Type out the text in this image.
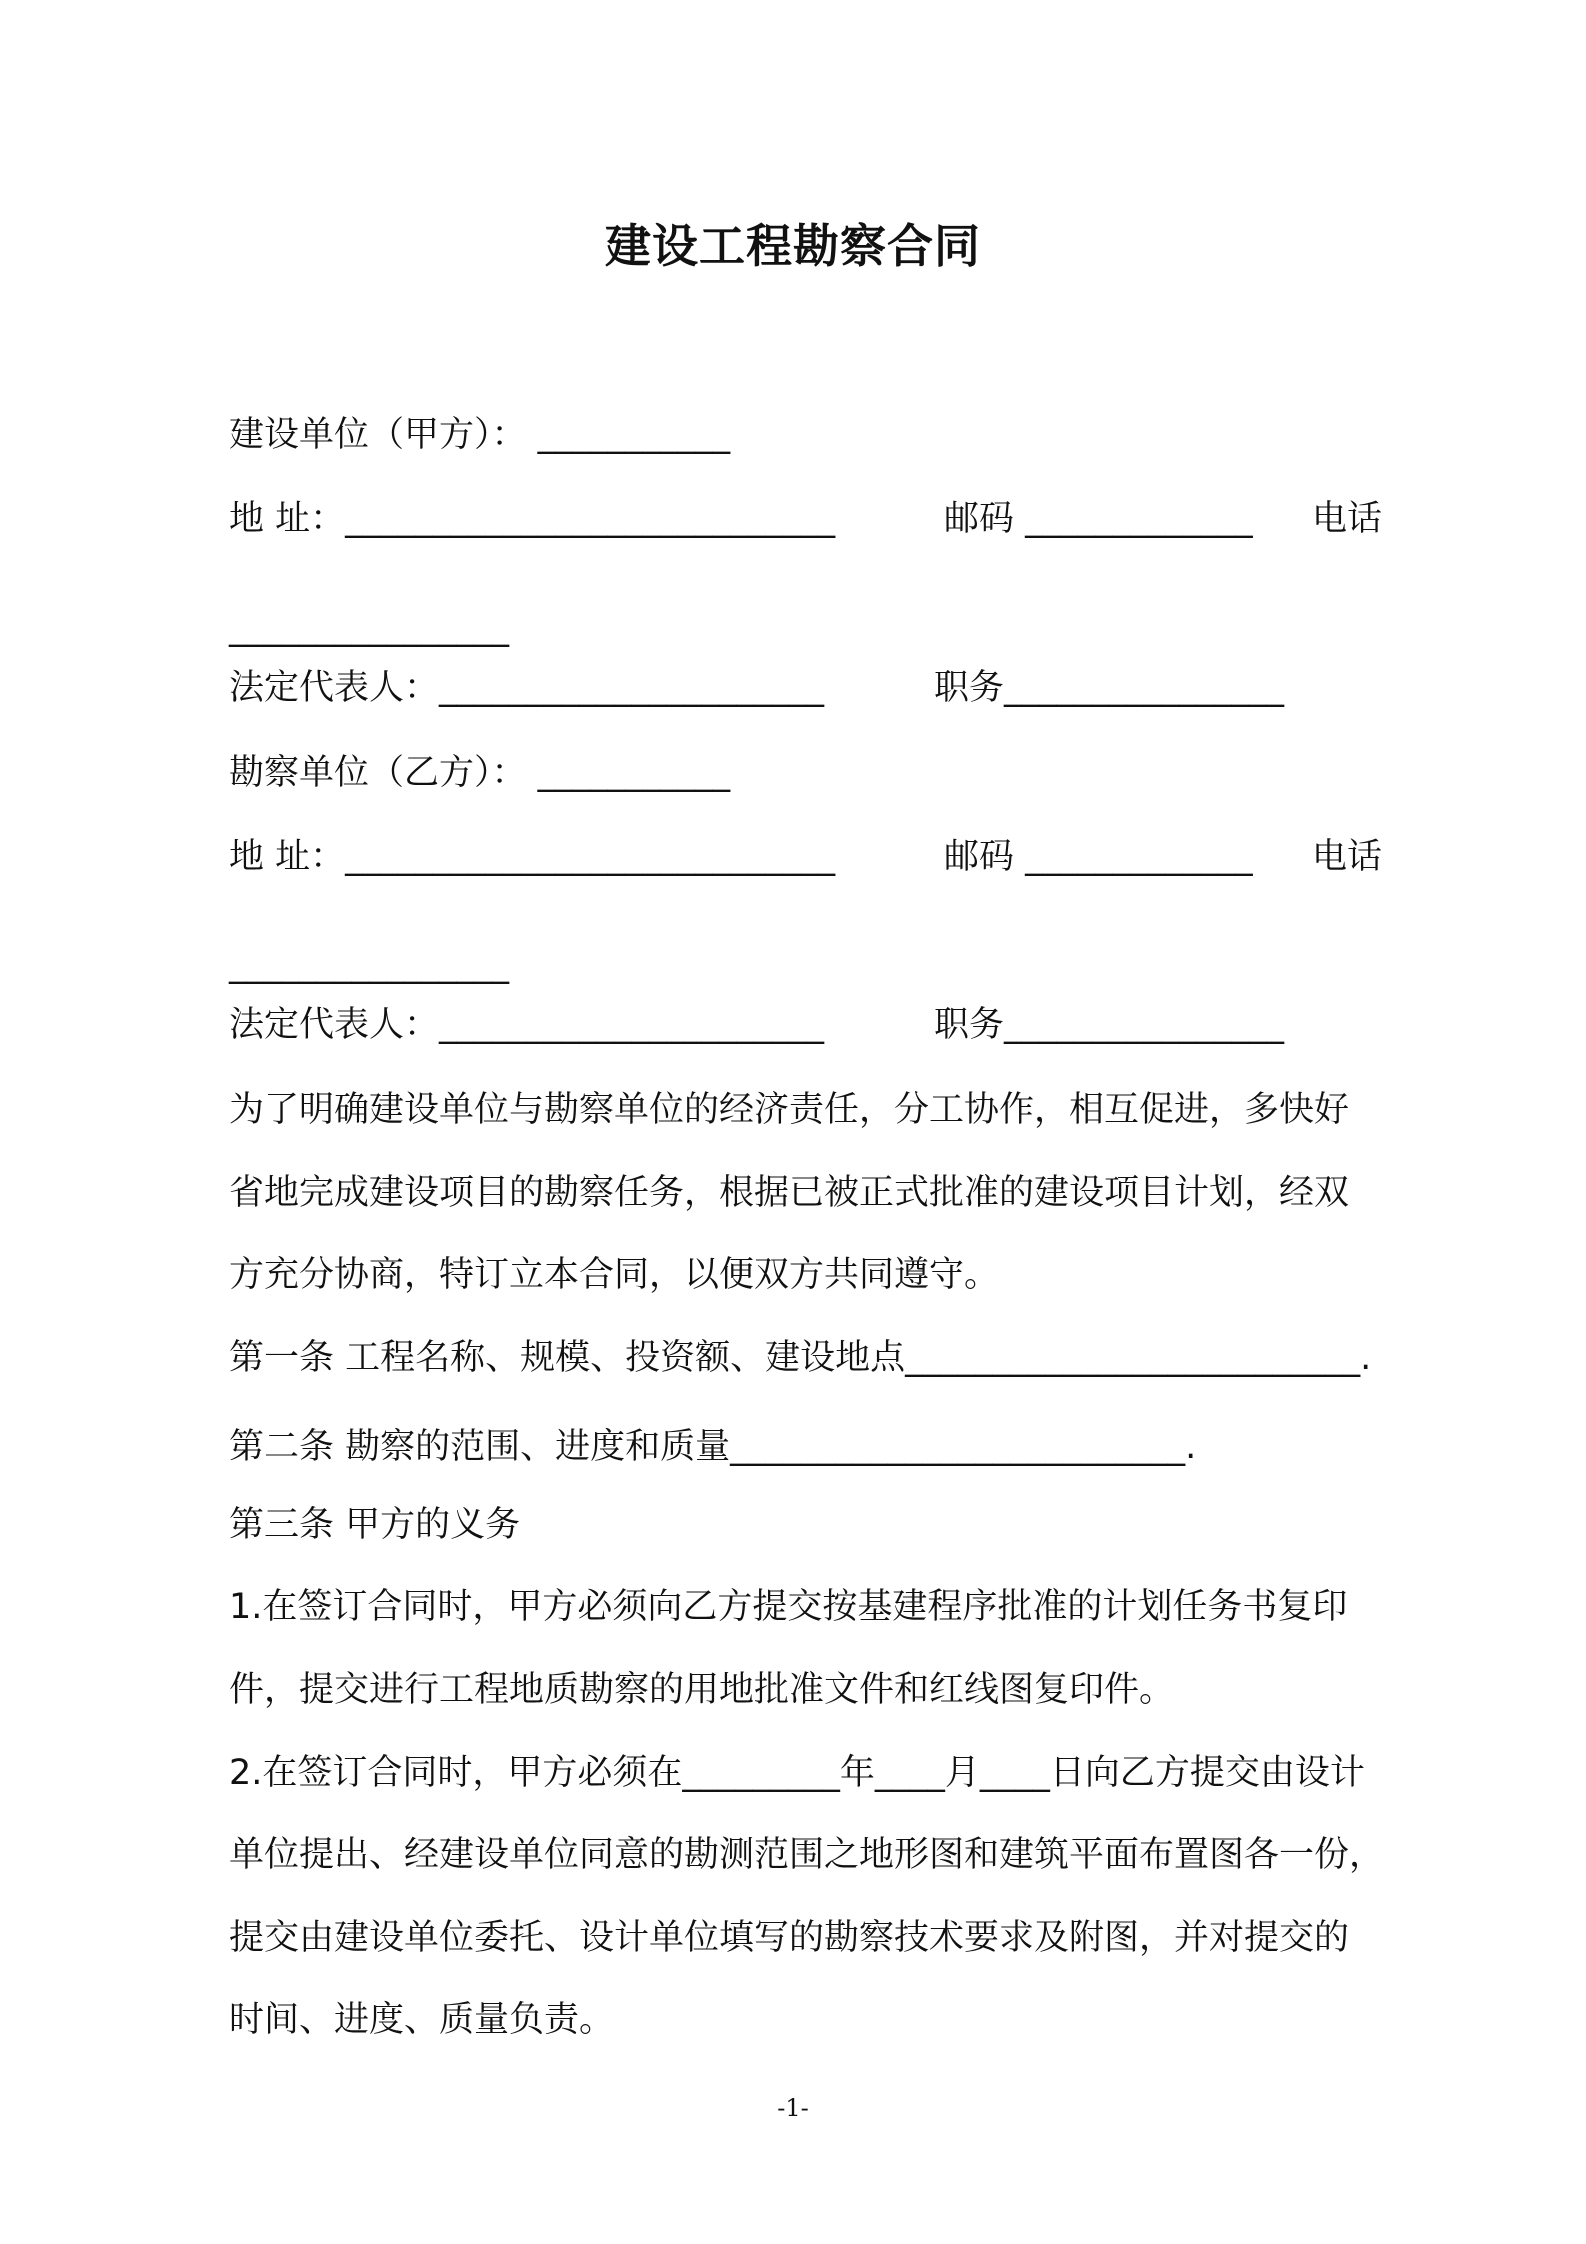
建设工程勘察合同
建设单位（甲方）： ___________
地 址：____________________________	邮码 _____________ 电话
________________
法定代表人：______________________	职务________________
勘察单位（乙方）： ___________
地 址：____________________________	邮码 _____________ 电话
________________
法定代表人：______________________	职务________________
为了明确建设单位与勘察单位的经济责任，分工协作，相互促进，多快好
省地完成建设项目的勘察任务，根据已被正式批准的建设项目计划，经双
方充分协商，特订立本合同，以便双方共同遵守。
第一条 工程名称、规模、投资额、建设地点__________________________.
第二条 勘察的范围、进度和质量__________________________.
第三条 甲方的义务
1.在签订合同时，甲方必须向乙方提交按基建程序批准的计划任务书复印
件，提交进行工程地质勘察的用地批准文件和红线图复印件。
2.在签订合同时，甲方必须在_________年____月____日向乙方提交由设计
单位提出、经建设单位同意的勘测范围之地形图和建筑平面布置图各一份，
提交由建设单位委托、设计单位填写的勘察技术要求及附图，并对提交的
时间、进度、质量负责。
-1-
